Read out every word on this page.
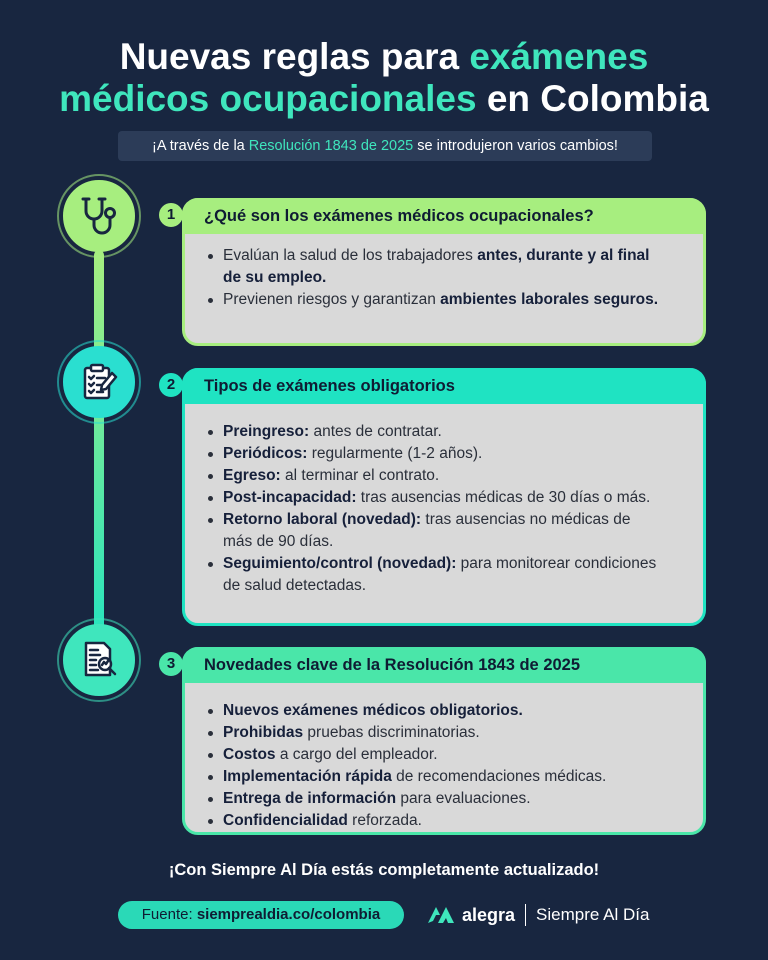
Nuevas reglas para exámenes
médicos ocupacionales en Colombia
¡A través de la Resolución 1843 de 2025 se introdujeron varios cambios!
1	¿Qué son los exámenes médicos ocupacionales?
Evalúan la salud de los trabajadores antes, durante y al final de su empleo.
Previenen riesgos y garantizan ambientes laborales seguros.
2	Tipos de exámenes obligatorios
Preingreso: antes de contratar.
Periódicos: regularmente (1-2 años).
Egreso: al terminar el contrato.
Post-incapacidad: tras ausencias médicas de 30 días o más.
Retorno laboral (novedad): tras ausencias no médicas de más de 90 días.
Seguimiento/control (novedad): para monitorear condiciones de salud detectadas.
3	Novedades clave de la Resolución 1843 de 2025
Nuevos exámenes médicos obligatorios.
Prohibidas pruebas discriminatorias.
Costos a cargo del empleador.
Implementación rápida de recomendaciones médicas.
Entrega de información para evaluaciones.
Confidencialidad reforzada.
¡Con Siempre Al Día estás completamente actualizado!
Fuente: siemprealdia.co/colombia	alegra Siempre Al Día
